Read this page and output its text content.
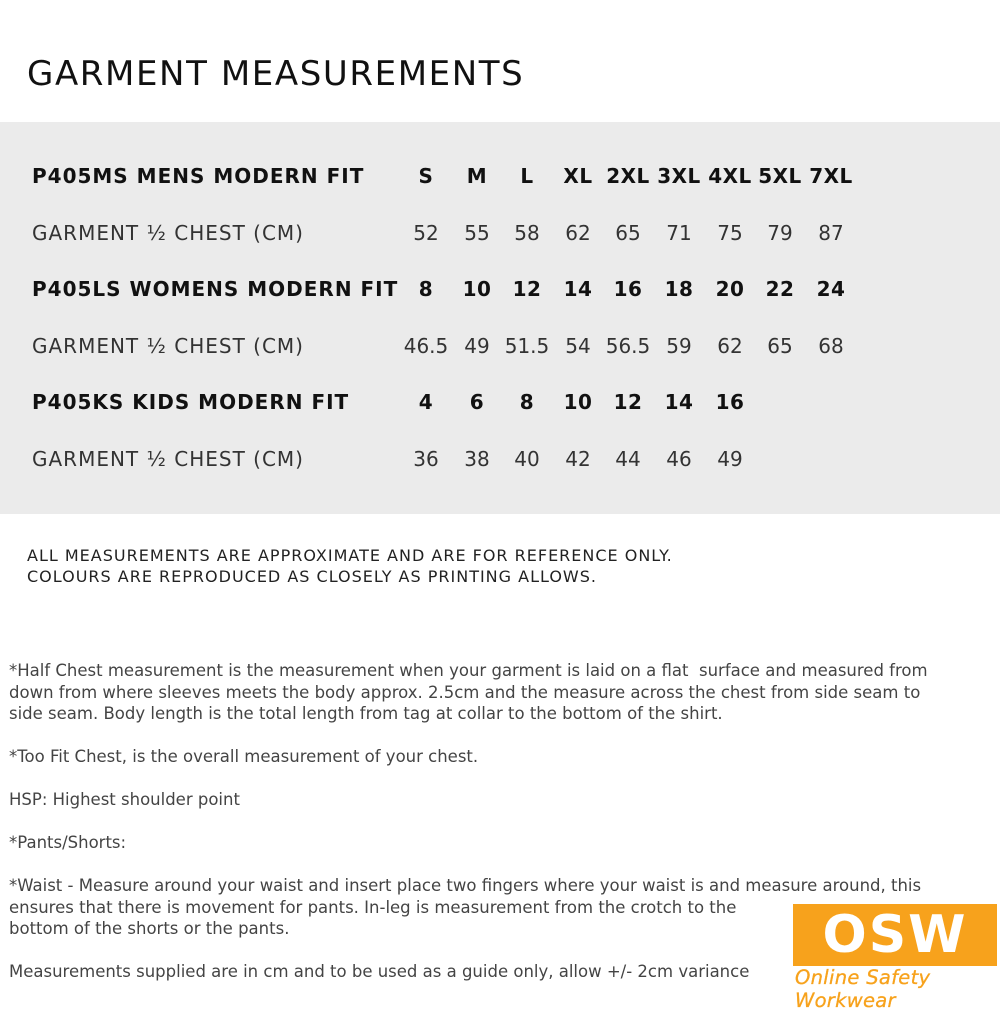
GARMENT MEASUREMENTS
P405MS MENS MODERN FIT	S	M	L	XL 2XL 3XL 4XL 5XL 7XL
GARMENT ½ CHEST (CM)	52	55	58	62	65	71	75	79	87
P405LS WOMENS MODERN FIT	8	10	12	14	16	18	20	22	24
GARMENT ½ CHEST (CM)	46.5 49 51.5 54 56.5 59	62	65	68
P405KS KIDS MODERN FIT	4	6	8	10	12	14	16
GARMENT ½ CHEST (CM)	36	38	40	42	44	46	49
ALL MEASUREMENTS ARE APPROXIMATE AND ARE FOR REFERENCE ONLY.
COLOURS ARE REPRODUCED AS CLOSELY AS PRINTING ALLOWS.

*Half Chest measurement is the measurement when your garment is laid on a flat  surface and measured from
down from where sleeves meets the body approx. 2.5cm and the measure across the chest from side seam to
side seam. Body length is the total length from tag at collar to the bottom of the shirt.

*Too Fit Chest, is the overall measurement of your chest.

HSP: Highest shoulder point

*Pants/Shorts:

*Waist - Measure around your waist and insert place two fingers where your waist is and measure around, this
ensures that there is movement for pants. In-leg is measurement from the crotch to the
bottom of the shorts or the pants.

Measurements supplied are in cm and to be used as a guide only, allow +/- 2cm variance

OSW
Online Safety Workwear
